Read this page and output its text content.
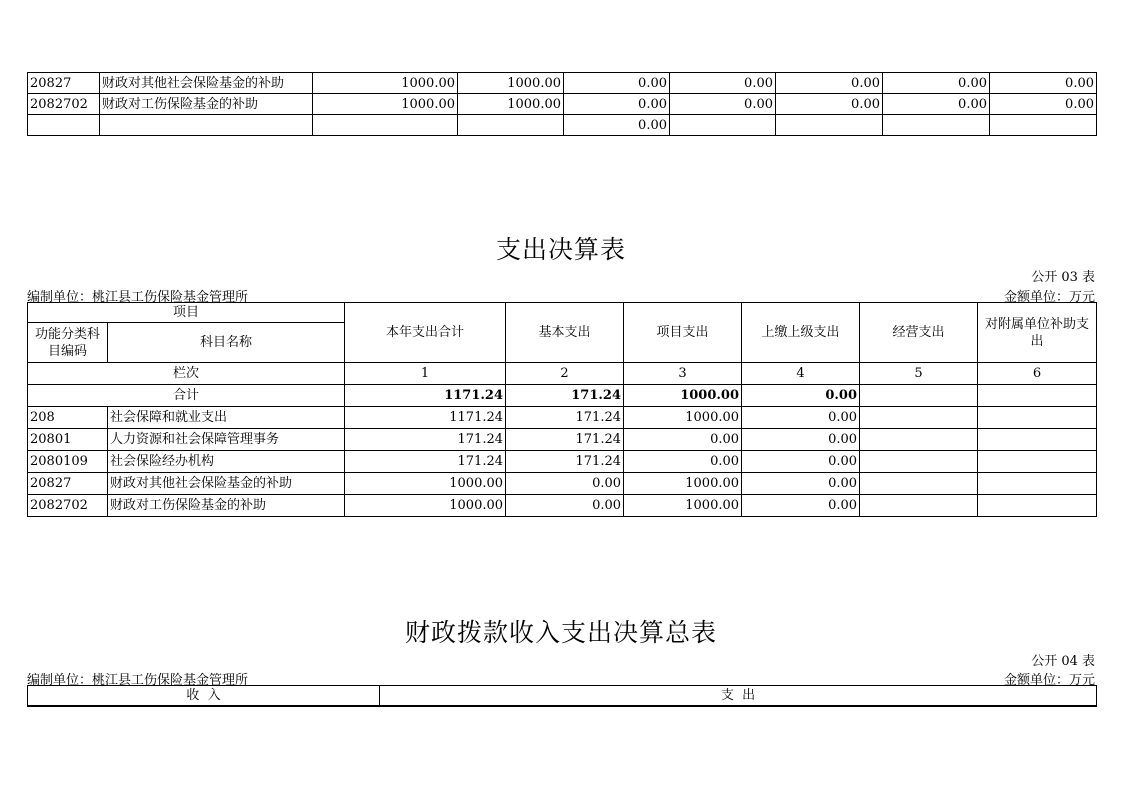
20827	财政对其他社会保险基金的补助	1000.00	1000.00	0.00	0.00	0.00	0.00	0.00
2082702	财政对工伤保险基金的补助	1000.00	1000.00	0.00	0.00	0.00	0.00	0.00
				0.00				
支出决算表
公开 03 表
编制单位：桃江县工伤保险基金管理所	金额单位：万元
项目		本年支出合计	基本支出	项目支出	上缴上级支出	经营支出	对附属单位补助支出
功能分类科目编码	科目名称						
栏次		1	2	3	4	5	6
合计		1171.24	171.24	1000.00	0.00		
208	社会保障和就业支出	1171.24	171.24	1000.00	0.00		
20801	人力资源和社会保障管理事务	171.24	171.24	0.00	0.00		
2080109	社会保险经办机构	171.24	171.24	0.00	0.00		
20827	财政对其他社会保险基金的补助	1000.00	0.00	1000.00	0.00		
2082702	财政对工伤保险基金的补助	1000.00	0.00	1000.00	0.00		
财政拨款收入支出决算总表
公开 04 表
编制单位：桃江县工伤保险基金管理所	金额单位：万元
收  入	支  出
